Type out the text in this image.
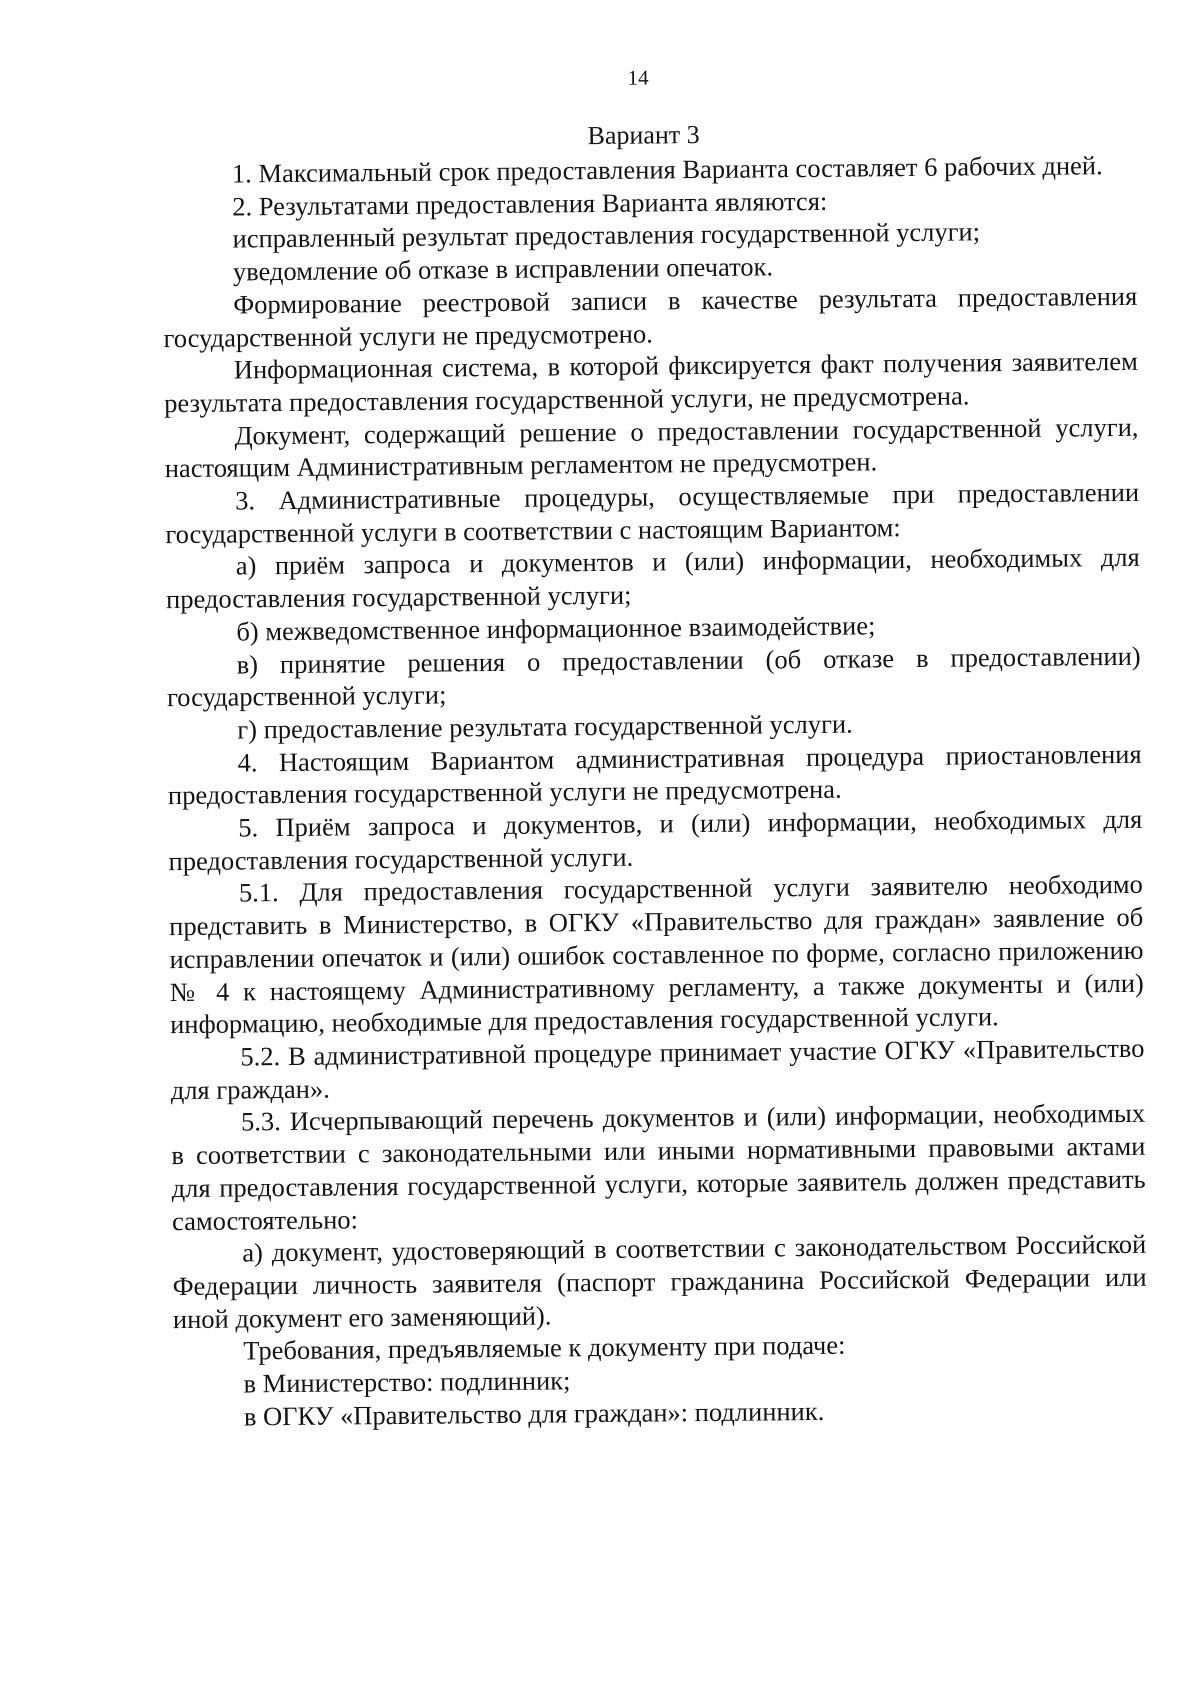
14
Вариант 3

1. Максимальный срок предоставления Варианта составляет 6 рабочих дней.

2. Результатами предоставления Варианта являются:

исправленный результат предоставления государственной услуги;

уведомление об отказе в исправлении опечаток.

Формирование реестровой записи в качестве результата предоставления государственной услуги не предусмотрено.

Информационная система, в которой фиксируется факт получения заявителем результата предоставления государственной услуги, не предусмотрена.

Документ, содержащий решение о предоставлении государственной услуги, настоящим Административным регламентом не предусмотрен.

3. Административные процедуры, осуществляемые при предоставлении государственной услуги в соответствии с настоящим Вариантом:

а) приём запроса и документов и (или) информации, необходимых для предоставления государственной услуги;

б) межведомственное информационное взаимодействие;

в) принятие решения о предоставлении (об отказе в предоставлении) государственной услуги;

г) предоставление результата государственной услуги.

4. Настоящим Вариантом административная процедура приостановления предоставления государственной услуги не предусмотрена.

5. Приём запроса и документов, и (или) информации, необходимых для предоставления государственной услуги.

5.1. Для предоставления государственной услуги заявителю необходимо представить в Министерство, в ОГКУ «Правительство для граждан» заявление об исправлении опечаток и (или) ошибок составленное по форме, согласно приложению № 4 к настоящему Административному регламенту, а также документы и (или) информацию, необходимые для предоставления государственной услуги.

5.2. В административной процедуре принимает участие ОГКУ «Правительство для граждан».

5.3. Исчерпывающий перечень документов и (или) информации, необходимых в соответствии с законодательными или иными нормативными правовыми актами для предоставления государственной услуги, которые заявитель должен представить самостоятельно:

а) документ, удостоверяющий в соответствии с законодательством Российской Федерации личность заявителя (паспорт гражданина Российской Федерации или иной документ его заменяющий).

Требования, предъявляемые к документу при подаче:

в Министерство: подлинник;

в ОГКУ «Правительство для граждан»: подлинник.
